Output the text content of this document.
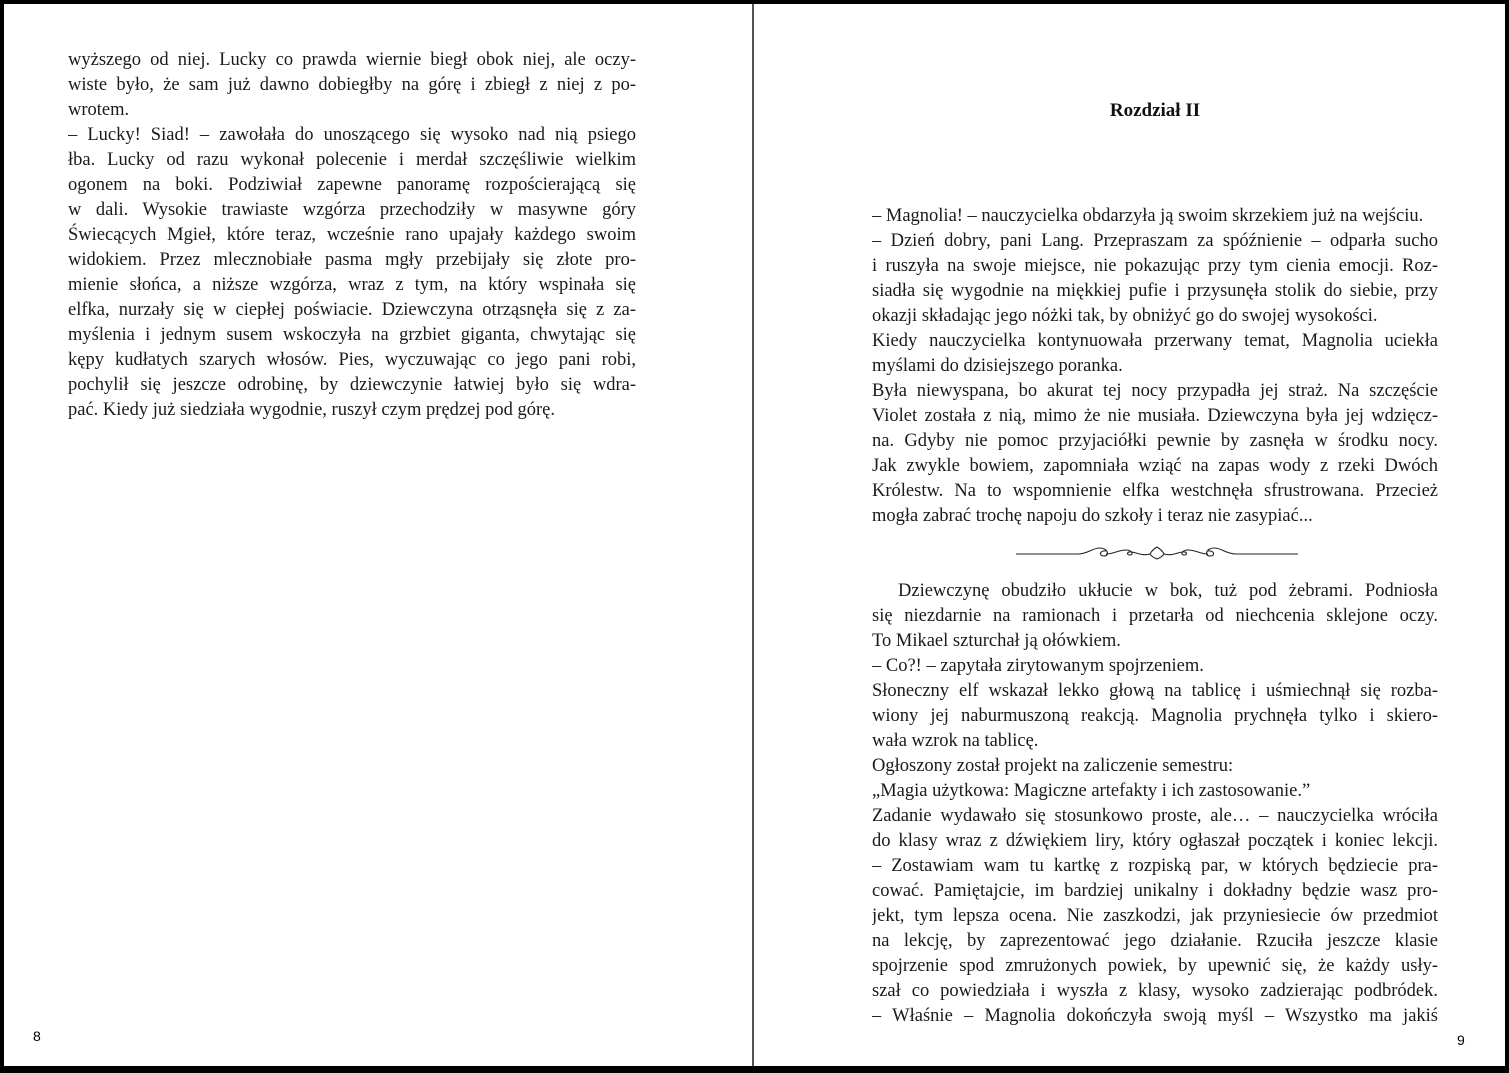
wyższego od niej. Lucky co prawda wiernie biegł obok niej, ale oczy-
wiste było, że sam już dawno dobiegłby na górę i zbiegł z niej z po-
wrotem.
– Lucky! Siad! – zawołała do unoszącego się wysoko nad nią psiego
łba. Lucky od razu wykonał polecenie i merdał szczęśliwie wielkim
ogonem na boki. Podziwiał zapewne panoramę rozpościerającą się
w dali. Wysokie trawiaste wzgórza przechodziły w masywne góry
Świecących Mgieł, które teraz, wcześnie rano upajały każdego swoim
widokiem. Przez mlecznobiałe pasma mgły przebijały się złote pro-
mienie słońca, a niższe wzgórza, wraz z tym, na który wspinała się
elfka, nurzały się w ciepłej poświacie. Dziewczyna otrząsnęła się z za-
myślenia i jednym susem wskoczyła na grzbiet giganta, chwytając się
kępy kudłatych szarych włosów. Pies, wyczuwając co jego pani robi,
pochylił się jeszcze odrobinę, by dziewczynie łatwiej było się wdra-
pać. Kiedy już siedziała wygodnie, ruszył czym prędzej pod górę.
8
Rozdział II
– Magnolia! – nauczycielka obdarzyła ją swoim skrzekiem już na wejściu.
– Dzień dobry, pani Lang. Przepraszam za spóźnienie – odparła sucho
i ruszyła na swoje miejsce, nie pokazując przy tym cienia emocji. Roz-
siadła się wygodnie na miękkiej pufie i przysunęła stolik do siebie, przy
okazji składając jego nóżki tak, by obniżyć go do swojej wysokości.
Kiedy nauczycielka kontynuowała przerwany temat, Magnolia uciekła
myślami do dzisiejszego poranka.
Była niewyspana, bo akurat tej nocy przypadła jej straż. Na szczęście
Violet została z nią, mimo że nie musiała. Dziewczyna była jej wdzięcz-
na. Gdyby nie pomoc przyjaciółki pewnie by zasnęła w środku nocy.
Jak zwykle bowiem, zapomniała wziąć na zapas wody z rzeki Dwóch
Królestw. Na to wspomnienie elfka westchnęła sfrustrowana. Przecież
mogła zabrać trochę napoju do szkoły i teraz nie zasypiać...
Dziewczynę obudziło ukłucie w bok, tuż pod żebrami. Podniosła
się niezdarnie na ramionach i przetarła od niechcenia sklejone oczy.
To Mikael szturchał ją ołówkiem.
– Co?! – zapytała zirytowanym spojrzeniem.
Słoneczny elf wskazał lekko głową na tablicę i uśmiechnął się rozba-
wiony jej naburmuszoną reakcją. Magnolia prychnęła tylko i skiero-
wała wzrok na tablicę.
Ogłoszony został projekt na zaliczenie semestru:
„Magia użytkowa: Magiczne artefakty i ich zastosowanie.”
Zadanie wydawało się stosunkowo proste, ale… – nauczycielka wróciła
do klasy wraz z dźwiękiem liry, który ogłaszał początek i koniec lekcji.
– Zostawiam wam tu kartkę z rozpiską par, w których będziecie pra-
cować. Pamiętajcie, im bardziej unikalny i dokładny będzie wasz pro-
jekt, tym lepsza ocena. Nie zaszkodzi, jak przyniesiecie ów przedmiot
na lekcję, by zaprezentować jego działanie. Rzuciła jeszcze klasie
spojrzenie spod zmrużonych powiek, by upewnić się, że każdy usły-
szał co powiedziała i wyszła z klasy, wysoko zadzierając podbródek.
– Właśnie – Magnolia dokończyła swoją myśl – Wszystko ma jakiś
9
